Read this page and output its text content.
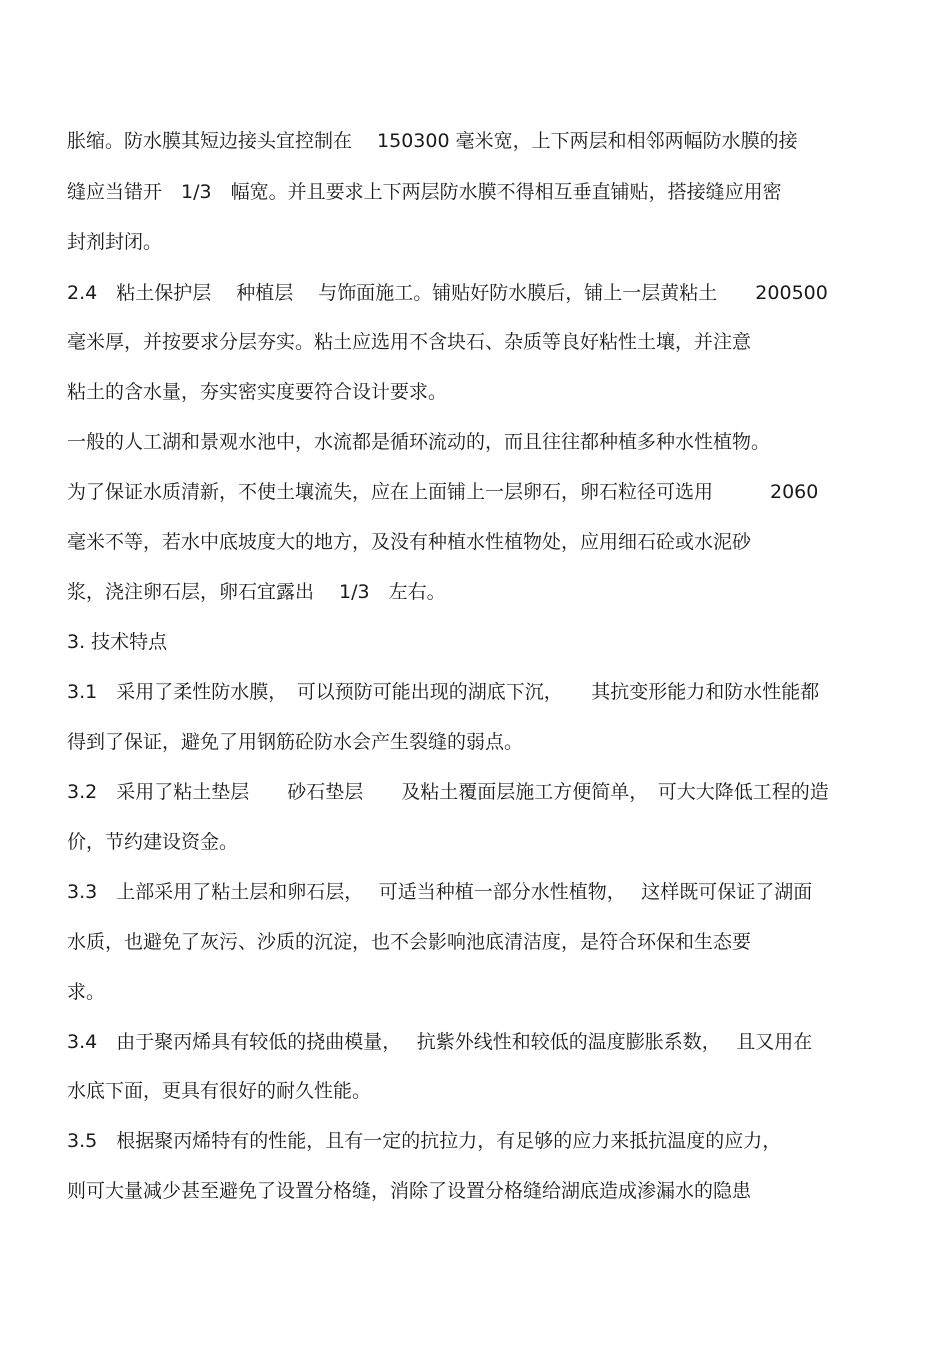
胀缩。防水膜其短边接头宜控制在　 150300 毫米宽，上下两层和相邻两幅防水膜的接
缝应当错开　1/3　幅宽。并且要求上下两层防水膜不得相互垂直铺贴，搭接缝应用密
封剂封闭。
2.4　粘土保护层　 种植层　 与饰面施工。铺贴好防水膜后，铺上一层黄粘土　　200500
毫米厚，并按要求分层夯实。粘土应选用不含块石、杂质等良好粘性土壤，并注意
粘土的含水量，夯实密实度要符合设计要求。
一般的人工湖和景观水池中，水流都是循环流动的，而且往往都种植多种水性植物。
为了保证水质清新，不使土壤流失，应在上面铺上一层卵石，卵石粒径可选用　　　2060
毫米不等，若水中底坡度大的地方，及没有种植水性植物处，应用细石砼或水泥砂
浆，浇注卵石层，卵石宜露出　 1/3　左右。
3. 技术特点
3.1　采用了柔性防水膜，　可以预防可能出现的湖底下沉，　　其抗变形能力和防水性能都
得到了保证，避免了用钢筋砼防水会产生裂缝的弱点。
3.2　采用了粘土垫层　　砂石垫层　　及粘土覆面层施工方便简单，　可大大降低工程的造
价，节约建设资金。
3.3　上部采用了粘土层和卵石层，　 可适当种植一部分水性植物，　 这样既可保证了湖面
水质，也避免了灰污、沙质的沉淀，也不会影响池底清洁度，是符合环保和生态要
求。
3.4　由于聚丙烯具有较低的挠曲模量，　 抗紫外线性和较低的温度膨胀系数，　 且又用在
水底下面，更具有很好的耐久性能。
3.5　根据聚丙烯特有的性能，且有一定的抗拉力，有足够的应力来抵抗温度的应力，
则可大量减少甚至避免了设置分格缝，消除了设置分格缝给湖底造成渗漏水的隐患
